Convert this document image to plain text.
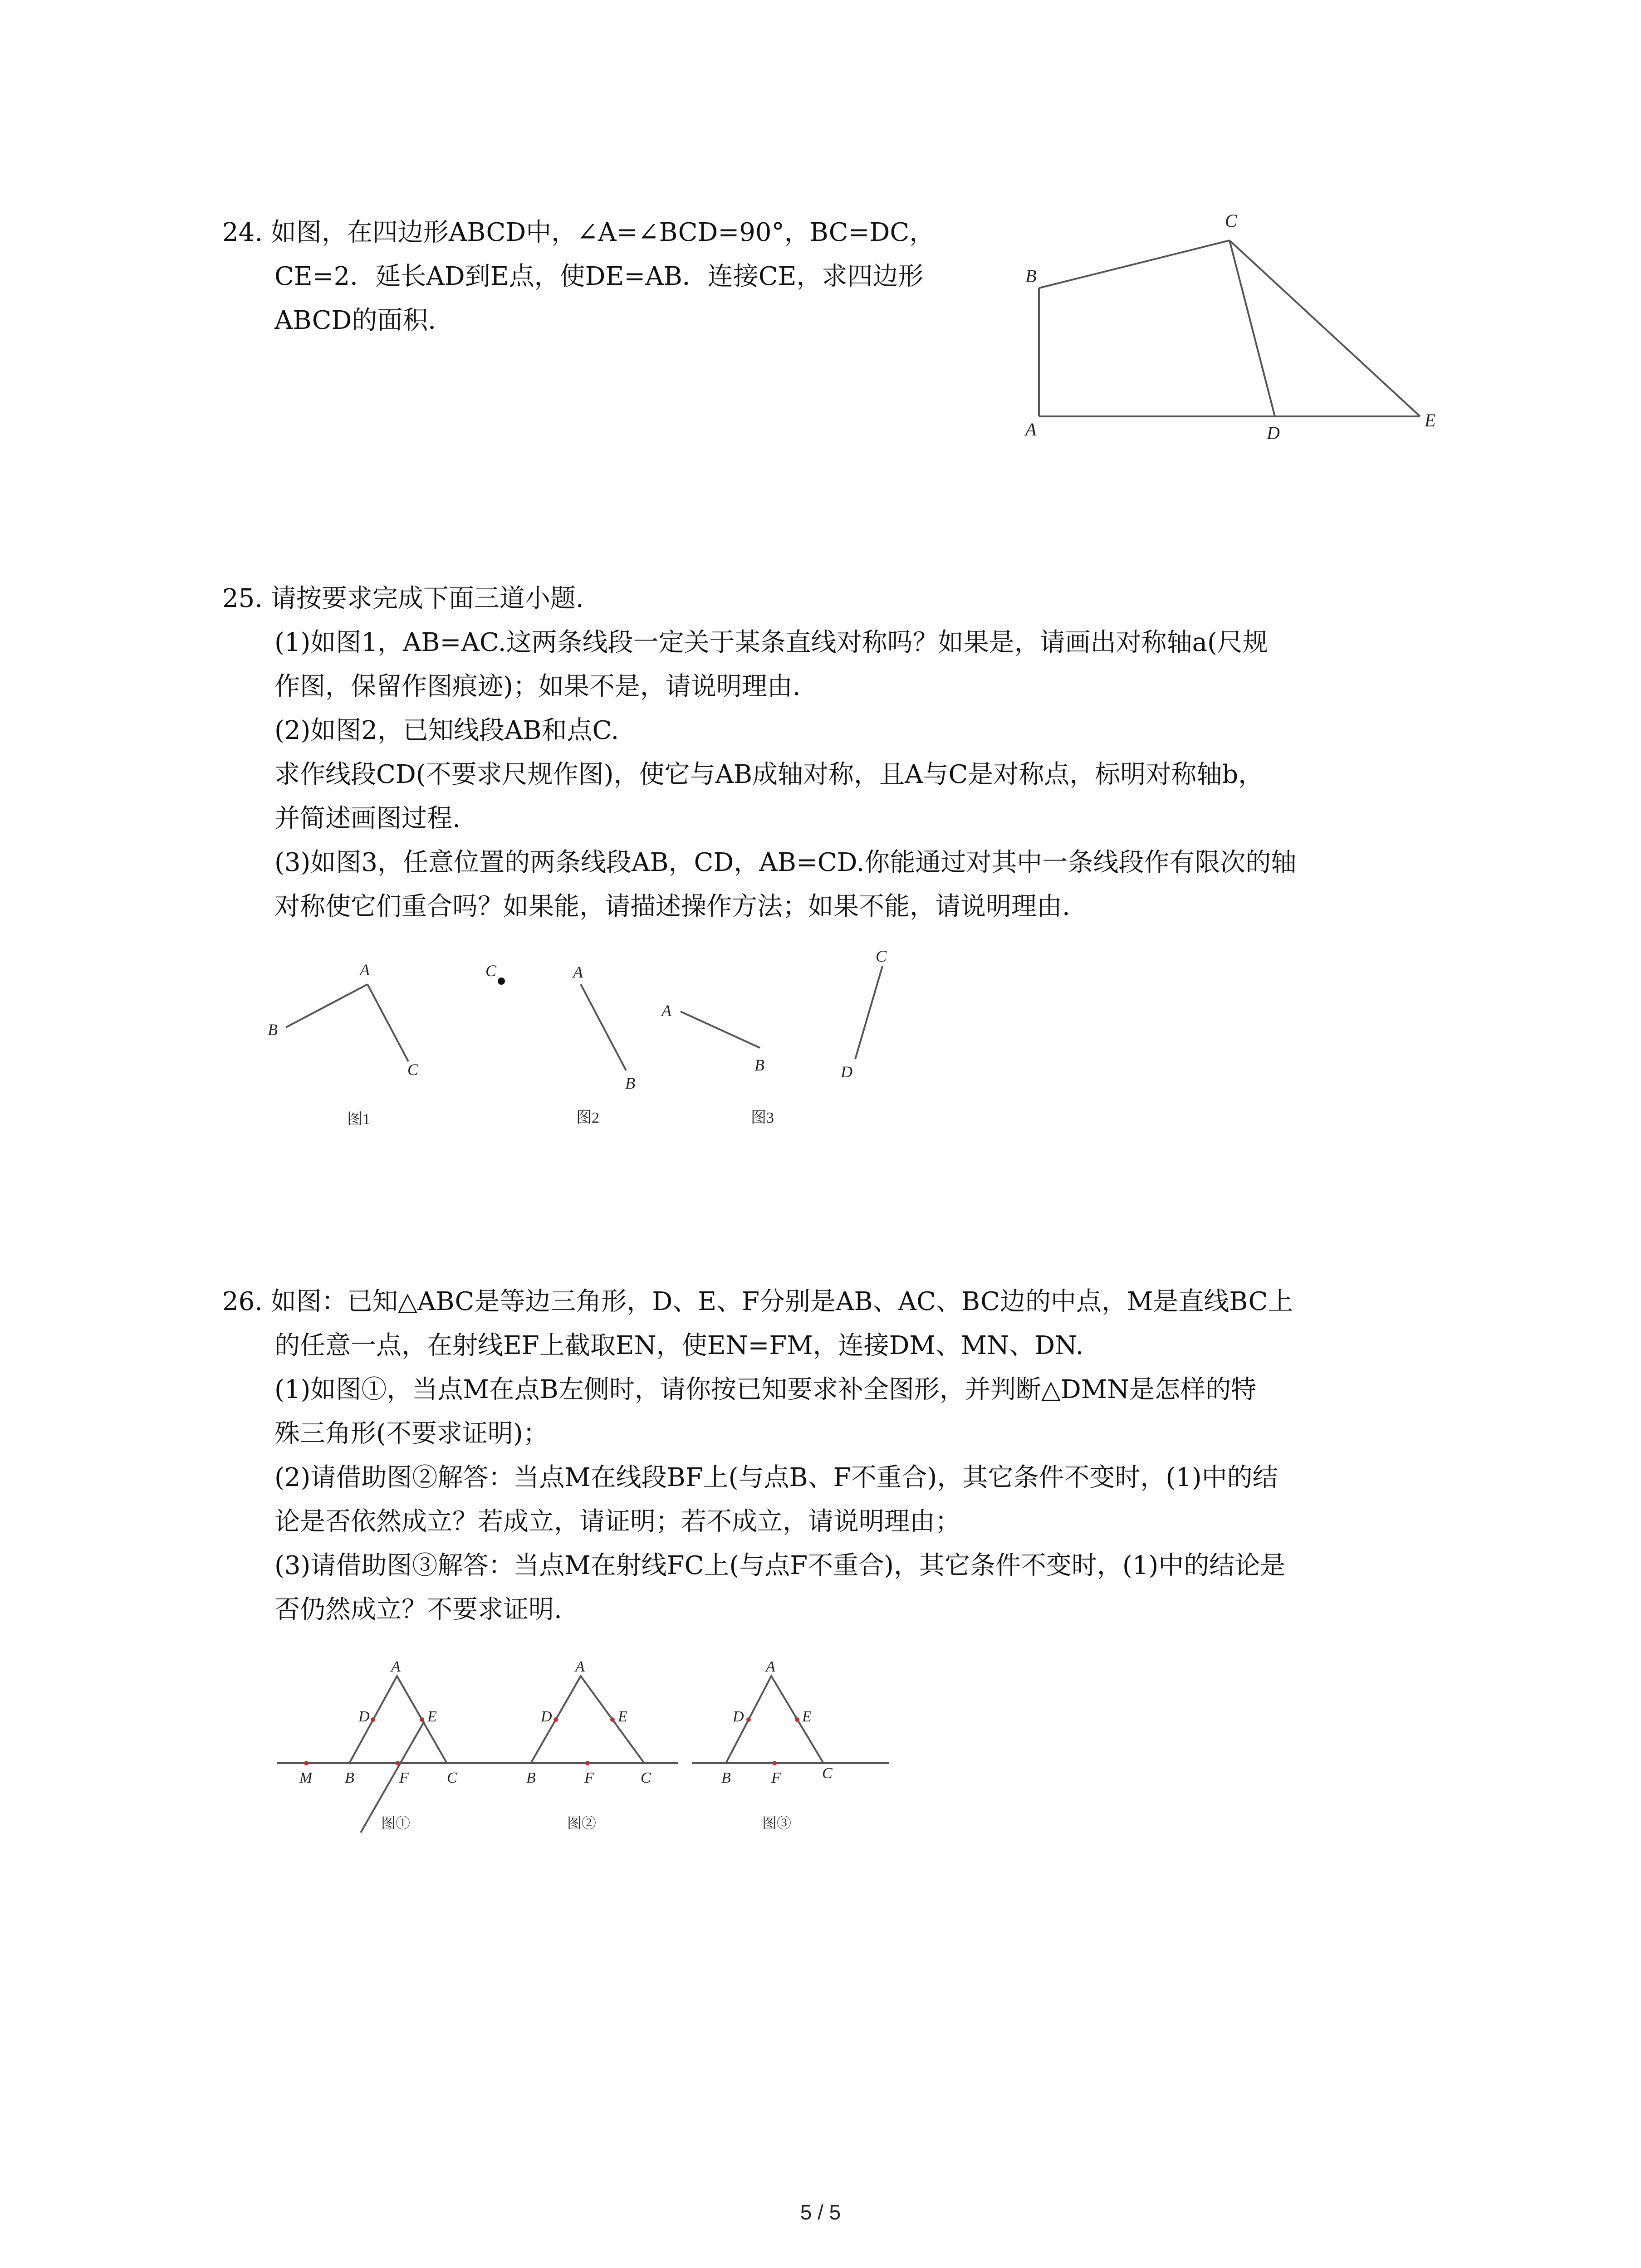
24. 如图，在四边形ABCD中，∠A=∠BCD=90°，BC=DC，
CE=2．延长AD到E点，使DE=AB．连接CE，求四边形
ABCD的面积．
B
C
A	D
E
25. 请按要求完成下面三道小题.
(1)如图1，AB=AC.这两条线段一定关于某条直线对称吗？如果是，请画出对称轴a(尺规
作图，保留作图痕迹)；如果不是，请说明理由.
(2)如图2，已知线段AB和点C.
求作线段CD(不要求尺规作图)，使它与AB成轴对称，且A与C是对称点，标明对称轴b，
并简述画图过程.
(3)如图3，任意位置的两条线段AB，CD，AB=CD.你能通过对其中一条线段作有限次的轴
对称使它们重合吗？如果能，请描述操作方法；如果不能，请说明理由.
B
A
C
C	A
B
A
B
C
D
图1	图2	图3
26. 如图：已知△ABC是等边三角形，D、E、F分别是AB、AC、BC边的中点，M是直线BC上
的任意一点，在射线EF上截取EN，使EN=FM，连接DM、MN、DN.
(1)如图①，当点M在点B左侧时，请你按已知要求补全图形，并判断△DMN是怎样的特
殊三角形(不要求证明)；
(2)请借助图②解答：当点M在线段BF上(与点B、F不重合)，其它条件不变时，(1)中的结
论是否依然成立？若成立，请证明；若不成立，请说明理由；
(3)请借助图③解答：当点M在射线FC上(与点F不重合)，其它条件不变时，(1)中的结论是
否仍然成立？不要求证明.
A
D	E
M B	F C
A
D	E
B	F	C
A
D	E
B	F	C
图①	图②	图③
5 / 5
